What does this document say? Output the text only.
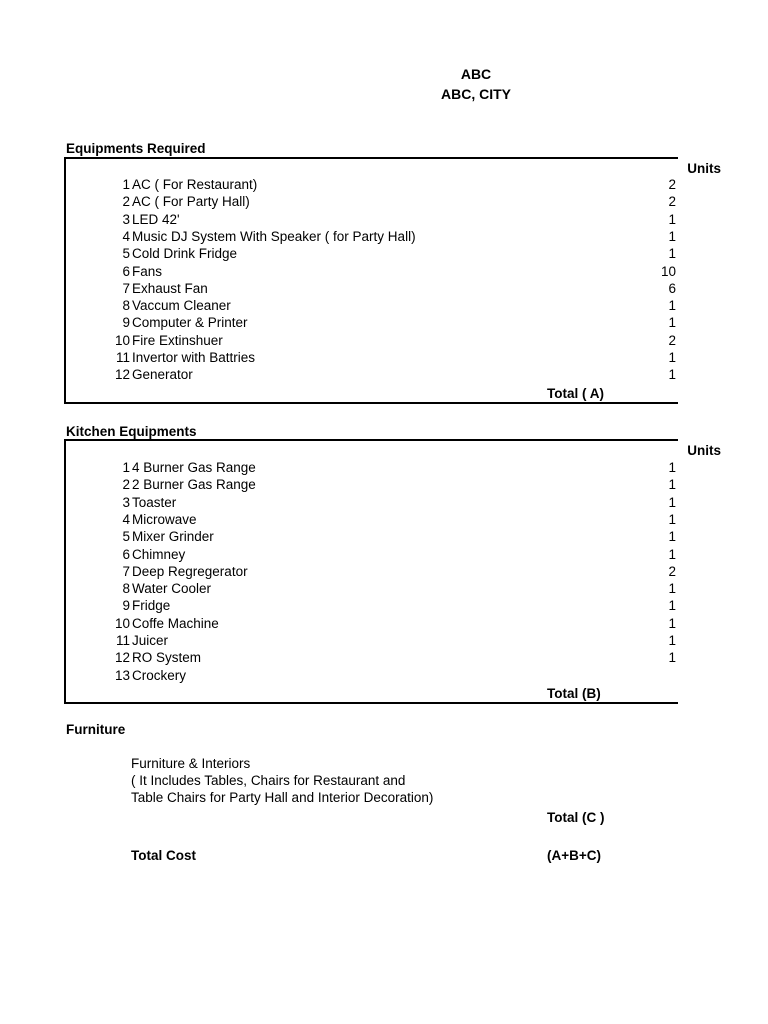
ABC
ABC, CITY
Equipments Required
Units
Total ( A)
1 AC ( For Restaurant)	2
2 AC ( For Party Hall)	2
3 LED 42'	1
4 Music DJ System With Speaker ( for Party Hall)	1
5 Cold Drink Fridge	1
6 Fans	10
7 Exhaust Fan	6
8 Vaccum Cleaner	1
9 Computer & Printer	1
10 Fire Extinshuer	2
11 Invertor with Battries	1
12 Generator	1
Kitchen Equipments
Units
Total (B)
1 4 Burner Gas Range	1
2 2 Burner Gas Range	1
3 Toaster	1
4 Microwave	1
5 Mixer Grinder	1
6 Chimney	1
7 Deep Regregerator	2
8 Water Cooler	1
9 Fridge	1
10 Coffe Machine	1
11 Juicer	1
12 RO System	1
13 Crockery
Furniture
Furniture & Interiors
( It Includes Tables, Chairs for Restaurant and
Table Chairs for Party Hall and Interior Decoration)
Total (C )
Total Cost	(A+B+C)
